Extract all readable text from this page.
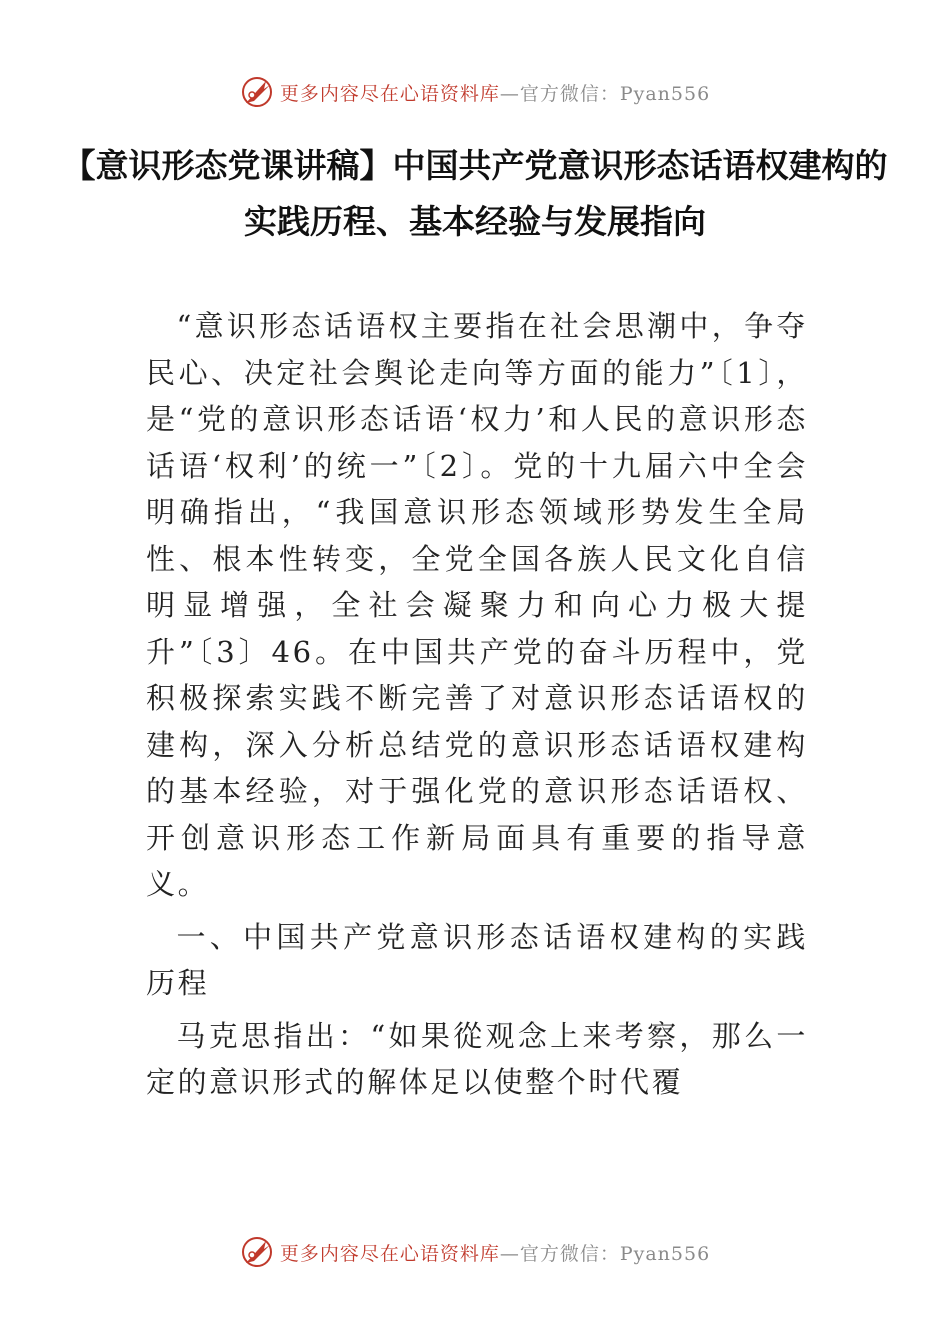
更多内容尽在心语资料库—官方微信：Pyan556
【意识形态党课讲稿】中国共产党意识形态话语权建构的实践历程、基本经验与发展指向

“意识形态话语权主要指在社会思潮中，争夺民心、决定社会舆论走向等方面的能力”〔1〕，是“党的意识形态话语‘权力’和人民的意识形态话语‘权利’的统一”〔2〕。党的十九届六中全会明确指出，“我国意识形态领域形势发生全局性、根本性转变，全党全国各族人民文化自信明显增强，全社会凝聚力和向心力极大提升”〔3〕46。在中国共产党的奋斗历程中，党积极探索实践不断完善了对意识形态话语权的建构，深入分析总结党的意识形态话语权建构的基本经验，对于强化党的意识形态话语权、开创意识形态工作新局面具有重要的指导意义。

一、中国共产党意识形态话语权建构的实践历程

马克思指出：“如果從观念上来考察，那么一定的意识形式的解体足以使整个时代覆

更多内容尽在心语资料库—官方微信：Pyan556
